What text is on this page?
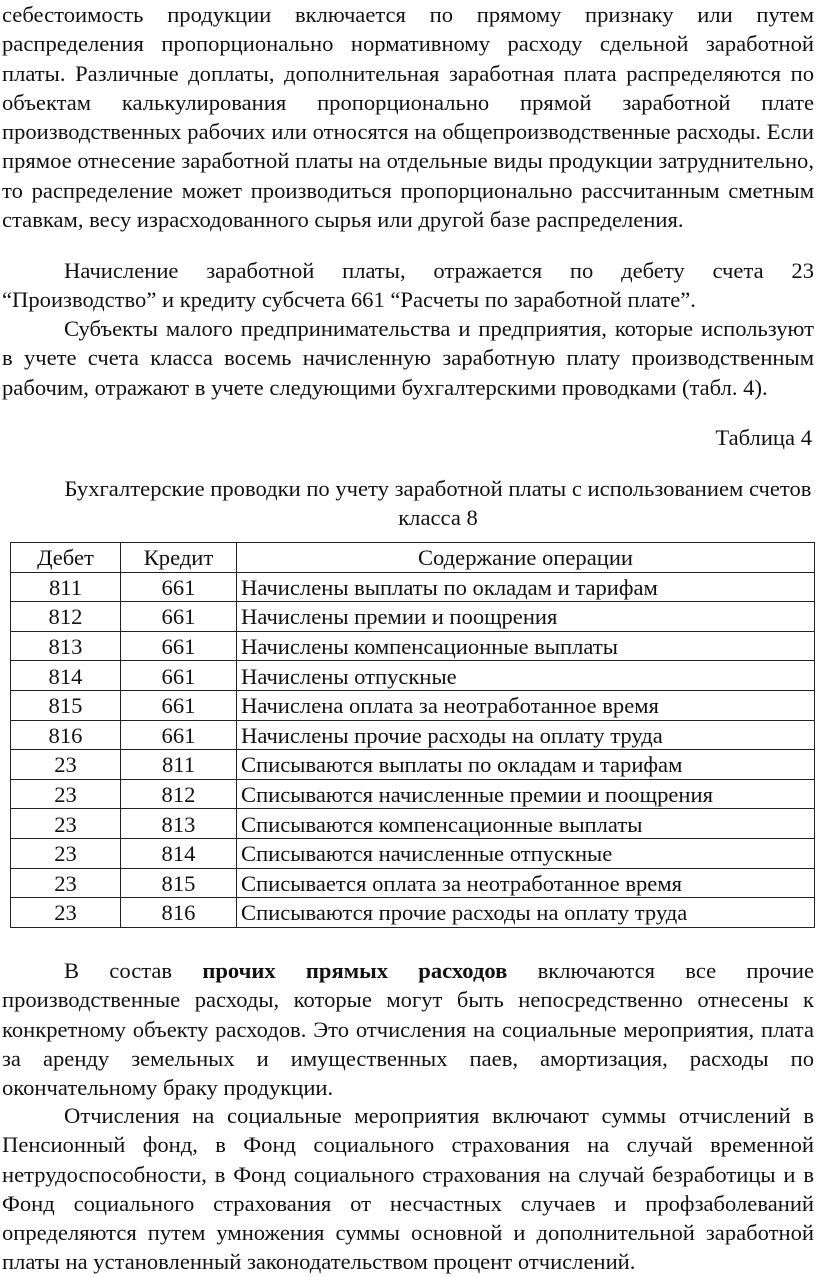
себестоимость продукции включается по прямому признаку или путем распределения пропорционально нормативному расходу сдельной заработной платы. Различные доплаты, дополнительная заработная плата распределяются по объектам калькулирования пропорционально прямой заработной плате производственных рабочих или относятся на общепроизводственные расходы. Если прямое отнесение заработной платы на отдельные виды продукции затруднительно, то распределение может производиться пропорционально рассчитанным сметным ставкам, весу израсходованного сырья или другой базе распределения.

Начисление заработной платы, отражается по дебету счета 23 “Производство” и кредиту субсчета 661 “Расчеты по заработной плате”.

Субъекты малого предпринимательства и предприятия, которые используют в учете счета класса восемь начисленную заработную плату производственным рабочим, отражают в учете следующими бухгалтерскими проводками (табл. 4).

Таблица 4
Бухгалтерские проводки по учету заработной платы с использованием счетов класса 8
Дебет	Кредит	Содержание операции
811	661	Начислены выплаты по окладам и тарифам
812	661	Начислены премии и поощрения
813	661	Начислены компенсационные выплаты
814	661	Начислены отпускные
815	661	Начислена оплата за неотработанное время
816	661	Начислены прочие расходы на оплату труда
23	811	Списываются выплаты по окладам и тарифам
23	812	Списываются начисленные премии и поощрения
23	813	Списываются компенсационные выплаты
23	814	Списываются начисленные отпускные
23	815	Списывается оплата за неотработанное время
23	816	Списываются прочие расходы на оплату труда

В состав прочих прямых расходов включаются все прочие производственные расходы, которые могут быть непосредственно отнесены к конкретному объекту расходов. Это отчисления на социальные мероприятия, плата за аренду земельных и имущественных паев, амортизация, расходы по окончательному браку продукции.

Отчисления на социальные мероприятия включают суммы отчислений в Пенсионный фонд, в Фонд социального страхования на случай временной нетрудоспособности, в Фонд социального страхования на случай безработицы и в Фонд социального страхования от несчастных случаев и профзаболеваний определяются путем умножения суммы основной и дополнительной заработной платы на установленный законодательством процент отчислений.
